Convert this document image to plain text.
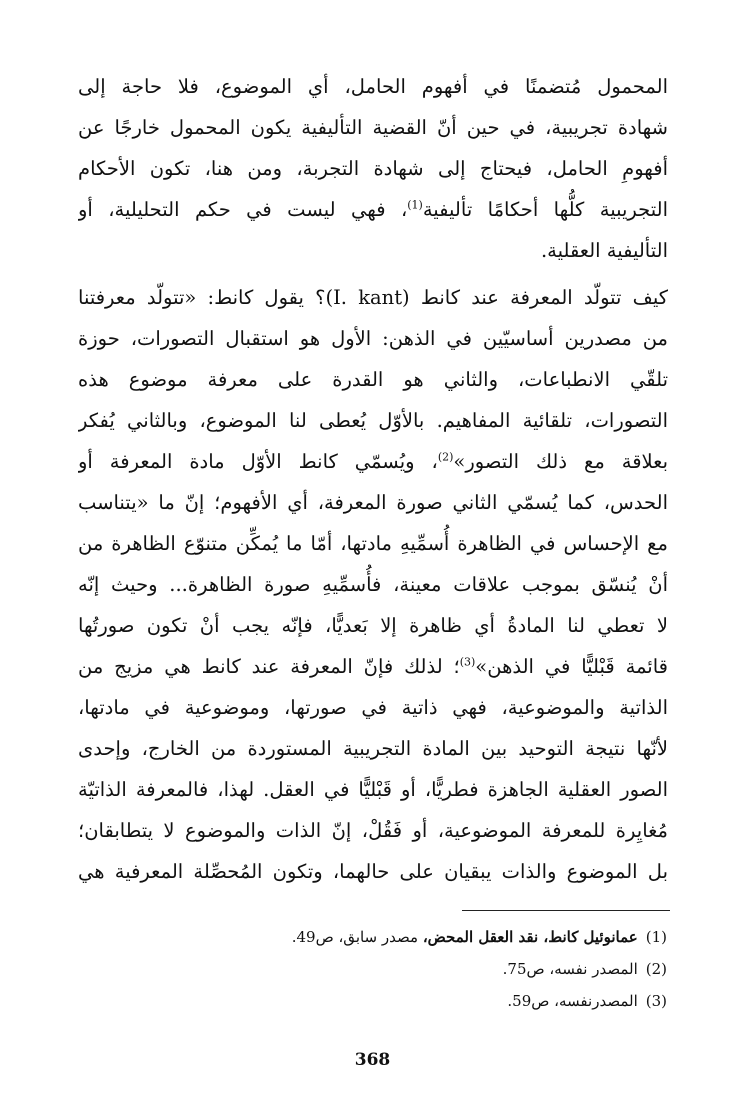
المحمول مُتضمنًا في أفهوم الحامل، أي الموضوع، فلا حاجة إلى
شهادة تجريبية، في حين أنّ القضية التأليفية يكون المحمول خارجًا عن
أفهومِ الحامل، فيحتاج إلى شهادة التجربة، ومن هنا، تكون الأحكام
التجريبية كلُّها أحكامًا تأليفية$^{(1)}$، فهي ليست في حكم التحليلية، أو
التأليفية العقلية.
كيف تتولّد المعرفة عند كانط (I. kant)؟ يقول كانط: «تتولّد معرفتنا
من مصدرين أساسيّين في الذهن: الأول هو استقبال التصورات، حوزة
تلقّي الانطباعات، والثاني هو القدرة على معرفة موضوع هذه
التصورات، تلقائية المفاهيم. بالأوّل يُعطى لنا الموضوع، وبالثاني يُفكر
بعلاقة مع ذلك التصور»$^{(2)}$، ويُسمّي كانط الأوّل مادة المعرفة أو
الحدس، كما يُسمّي الثاني صورة المعرفة، أي الأفهوم؛ إنّ ما «يتناسب
مع الإحساس في الظاهرة أُسمِّيهِ مادتها، أمّا ما يُمكِّن متنوّع الظاهرة من
أنْ يُنسّق بموجب علاقات معينة، فأُسمِّيهِ صورة الظاهرة... وحيث إنّه
لا تعطي لنا المادةُ أي ظاهرة إلا بَعديًّا، فإنّه يجب أنْ تكون صورتُها
قائمة قَبْليًّا في الذهن»$^{(3)}$؛ لذلك فإنّ المعرفة عند كانط هي مزيج من
الذاتية والموضوعية، فهي ذاتية في صورتها، وموضوعية في مادتها،
لأنّها نتيجة التوحيد بين المادة التجريبية المستوردة من الخارج، وإحدى
الصور العقلية الجاهزة فطريًّا، أو قَبْليًّا في العقل. لهذا، فالمعرفة الذاتيّة
مُغايِرة للمعرفة الموضوعية، أو فَقُلْ، إنّ الذات والموضوع لا يتطابقان؛
بل الموضوع والذات يبقيان على حالهما، وتكون المُحصِّلة المعرفية هي
(1)عمانوئيل كانط، نقد العقل المحض، مصدر سابق، ص49.
(2)المصدر نفسه، ص75.
(3)المصدرنفسه، ص59.
368
